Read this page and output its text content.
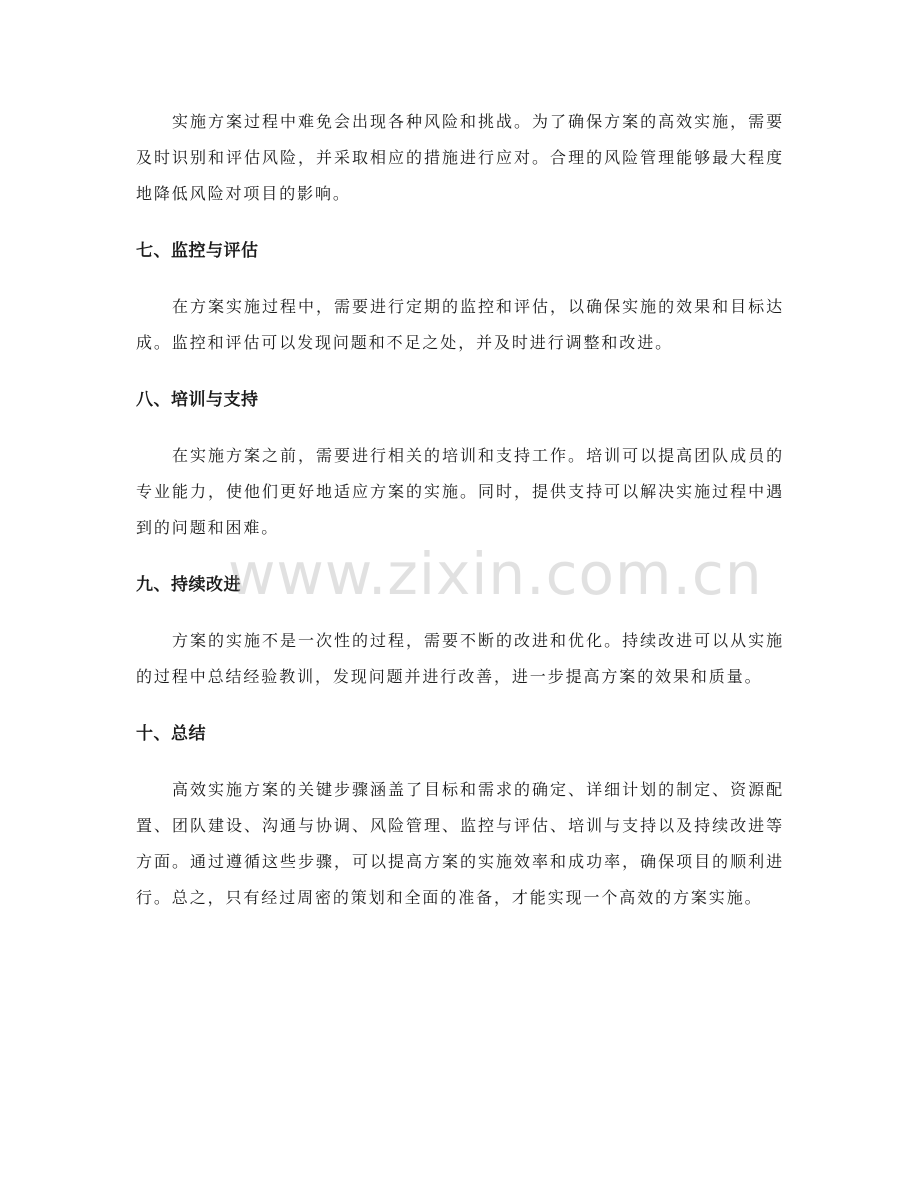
实施方案过程中难免会出现各种风险和挑战。为了确保方案的高效实施，需要及时识别和评估风险，并采取相应的措施进行应对。合理的风险管理能够最大程度地降低风险对项目的影响。

七、监控与评估

在方案实施过程中，需要进行定期的监控和评估，以确保实施的效果和目标达成。监控和评估可以发现问题和不足之处，并及时进行调整和改进。

八、培训与支持

在实施方案之前，需要进行相关的培训和支持工作。培训可以提高团队成员的专业能力，使他们更好地适应方案的实施。同时，提供支持可以解决实施过程中遇到的问题和困难。

九、持续改进

方案的实施不是一次性的过程，需要不断的改进和优化。持续改进可以从实施的过程中总结经验教训，发现问题并进行改善，进一步提高方案的效果和质量。

十、总结

高效实施方案的关键步骤涵盖了目标和需求的确定、详细计划的制定、资源配置、团队建设、沟通与协调、风险管理、监控与评估、培训与支持以及持续改进等方面。通过遵循这些步骤，可以提高方案的实施效率和成功率，确保项目的顺利进行。总之，只有经过周密的策划和全面的准备，才能实现一个高效的方案实施。

www.zixin.com.cn
